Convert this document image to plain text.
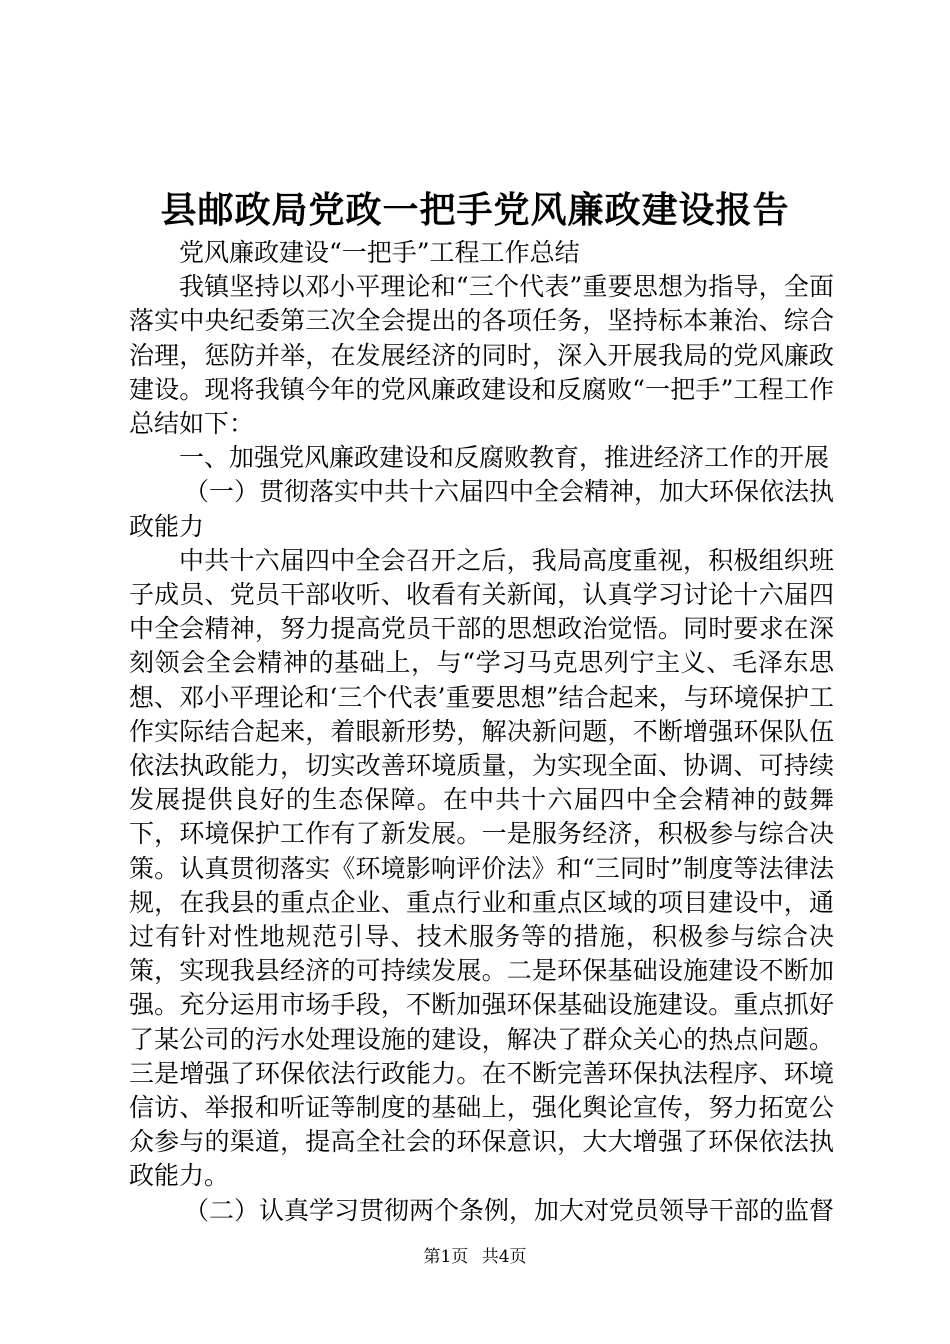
县邮政局党政一把手党风廉政建设报告

党风廉政建设“一把手”工程工作总结

我镇坚持以邓小平理论和“三个代表”重要思想为指导，全面落实中央纪委第三次全会提出的各项任务，坚持标本兼治、综合治理，惩防并举，在发展经济的同时，深入开展我局的党风廉政建设。现将我镇今年的党风廉政建设和反腐败“一把手”工程工作总结如下：

一、加强党风廉政建设和反腐败教育，推进经济工作的开展

（一）贯彻落实中共十六届四中全会精神，加大环保依法执政能力

中共十六届四中全会召开之后，我局高度重视，积极组织班子成员、党员干部收听、收看有关新闻，认真学习讨论十六届四中全会精神，努力提高党员干部的思想政治觉悟。同时要求在深刻领会全会精神的基础上，与“学习马克思列宁主义、毛泽东思想、邓小平理论和‘三个代表’重要思想”结合起来，与环境保护工作实际结合起来，着眼新形势，解决新问题，不断增强环保队伍依法执政能力，切实改善环境质量，为实现全面、协调、可持续发展提供良好的生态保障。在中共十六届四中全会精神的鼓舞下，环境保护工作有了新发展。一是服务经济，积极参与综合决策。认真贯彻落实《环境影响评价法》和“三同时”制度等法律法规，在我县的重点企业、重点行业和重点区域的项目建设中，通过有针对性地规范引导、技术服务等的措施，积极参与综合决策，实现我县经济的可持续发展。二是环保基础设施建设不断加强。充分运用市场手段，不断加强环保基础设施建设。重点抓好了某公司的污水处理设施的建设，解决了群众关心的热点问题。三是增强了环保依法行政能力。在不断完善环保执法程序、环境信访、举报和听证等制度的基础上，强化舆论宣传，努力拓宽公众参与的渠道，提高全社会的环保意识，大大增强了环保依法执政能力。

（二）认真学习贯彻两个条例，加大对党员领导干部的监督

第1页 共4页
